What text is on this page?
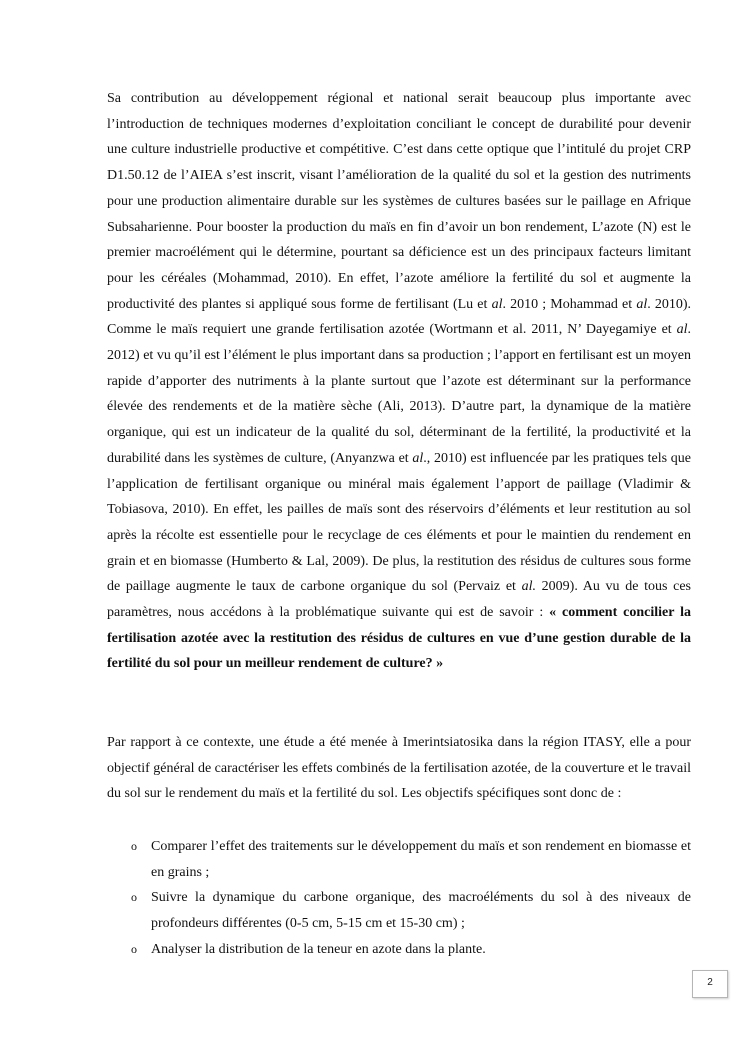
Sa contribution au développement régional et national serait beaucoup plus importante avec l’introduction de techniques modernes d’exploitation conciliant le concept de durabilité pour devenir une culture industrielle productive et compétitive. C’est dans cette optique que l’intitulé du projet CRP D1.50.12 de l’AIEA s’est inscrit, visant l’amélioration de la qualité du sol et la gestion des nutriments pour une production alimentaire durable sur les systèmes de cultures basées sur le paillage en Afrique Subsaharienne. Pour booster la production du maïs en fin d’avoir un bon rendement, L’azote (N) est le premier macroélément qui le détermine, pourtant sa déficience est un des principaux facteurs limitant pour les céréales (Mohammad, 2010). En effet, l’azote améliore la fertilité du sol et augmente la productivité des plantes si appliqué sous forme de fertilisant (Lu et al. 2010 ; Mohammad et al. 2010). Comme le maïs requiert une grande fertilisation azotée (Wortmann et al. 2011, N’ Dayegamiye et al. 2012) et vu qu’il est l’élément le plus important dans sa production ; l’apport en fertilisant est un moyen rapide d’apporter des nutriments à la plante surtout que l’azote est déterminant sur la performance élevée des rendements et de la matière sèche (Ali, 2013). D’autre part, la dynamique de la matière organique, qui est un indicateur de la qualité du sol, déterminant de la fertilité, la productivité et la durabilité dans les systèmes de culture, (Anyanzwa et al., 2010) est influencée par les pratiques tels que l’application de fertilisant organique ou minéral mais également l’apport de paillage (Vladimir & Tobiasova, 2010). En effet, les pailles de maïs sont des réservoirs d’éléments et leur restitution au sol après la récolte est essentielle pour le recyclage de ces éléments et pour le maintien du rendement en grain et en biomasse (Humberto & Lal, 2009). De plus, la restitution des résidus de cultures sous forme de paillage augmente le taux de carbone organique du sol (Pervaiz et al. 2009). Au vu de tous ces paramètres, nous accédons à la problématique suivante qui est de savoir : « comment concilier la fertilisation azotée avec la restitution des résidus de cultures en vue d’une gestion durable de la fertilité du sol pour un meilleur rendement de culture? »

Par rapport à ce contexte, une étude a été menée à Imerintsiatosika dans la région ITASY, elle a pour objectif général de caractériser les effets combinés de la fertilisation azotée, de la couverture et le travail du sol sur le rendement du maïs et la fertilité du sol. Les objectifs spécifiques sont donc de :

o Comparer l’effet des traitements sur le développement du maïs et son rendement en biomasse et en grains ;
o Suivre la dynamique du carbone organique, des macroéléments du sol à des niveaux de profondeurs différentes (0-5 cm, 5-15 cm et 15-30 cm) ;
o Analyser la distribution de la teneur en azote dans la plante.
2
